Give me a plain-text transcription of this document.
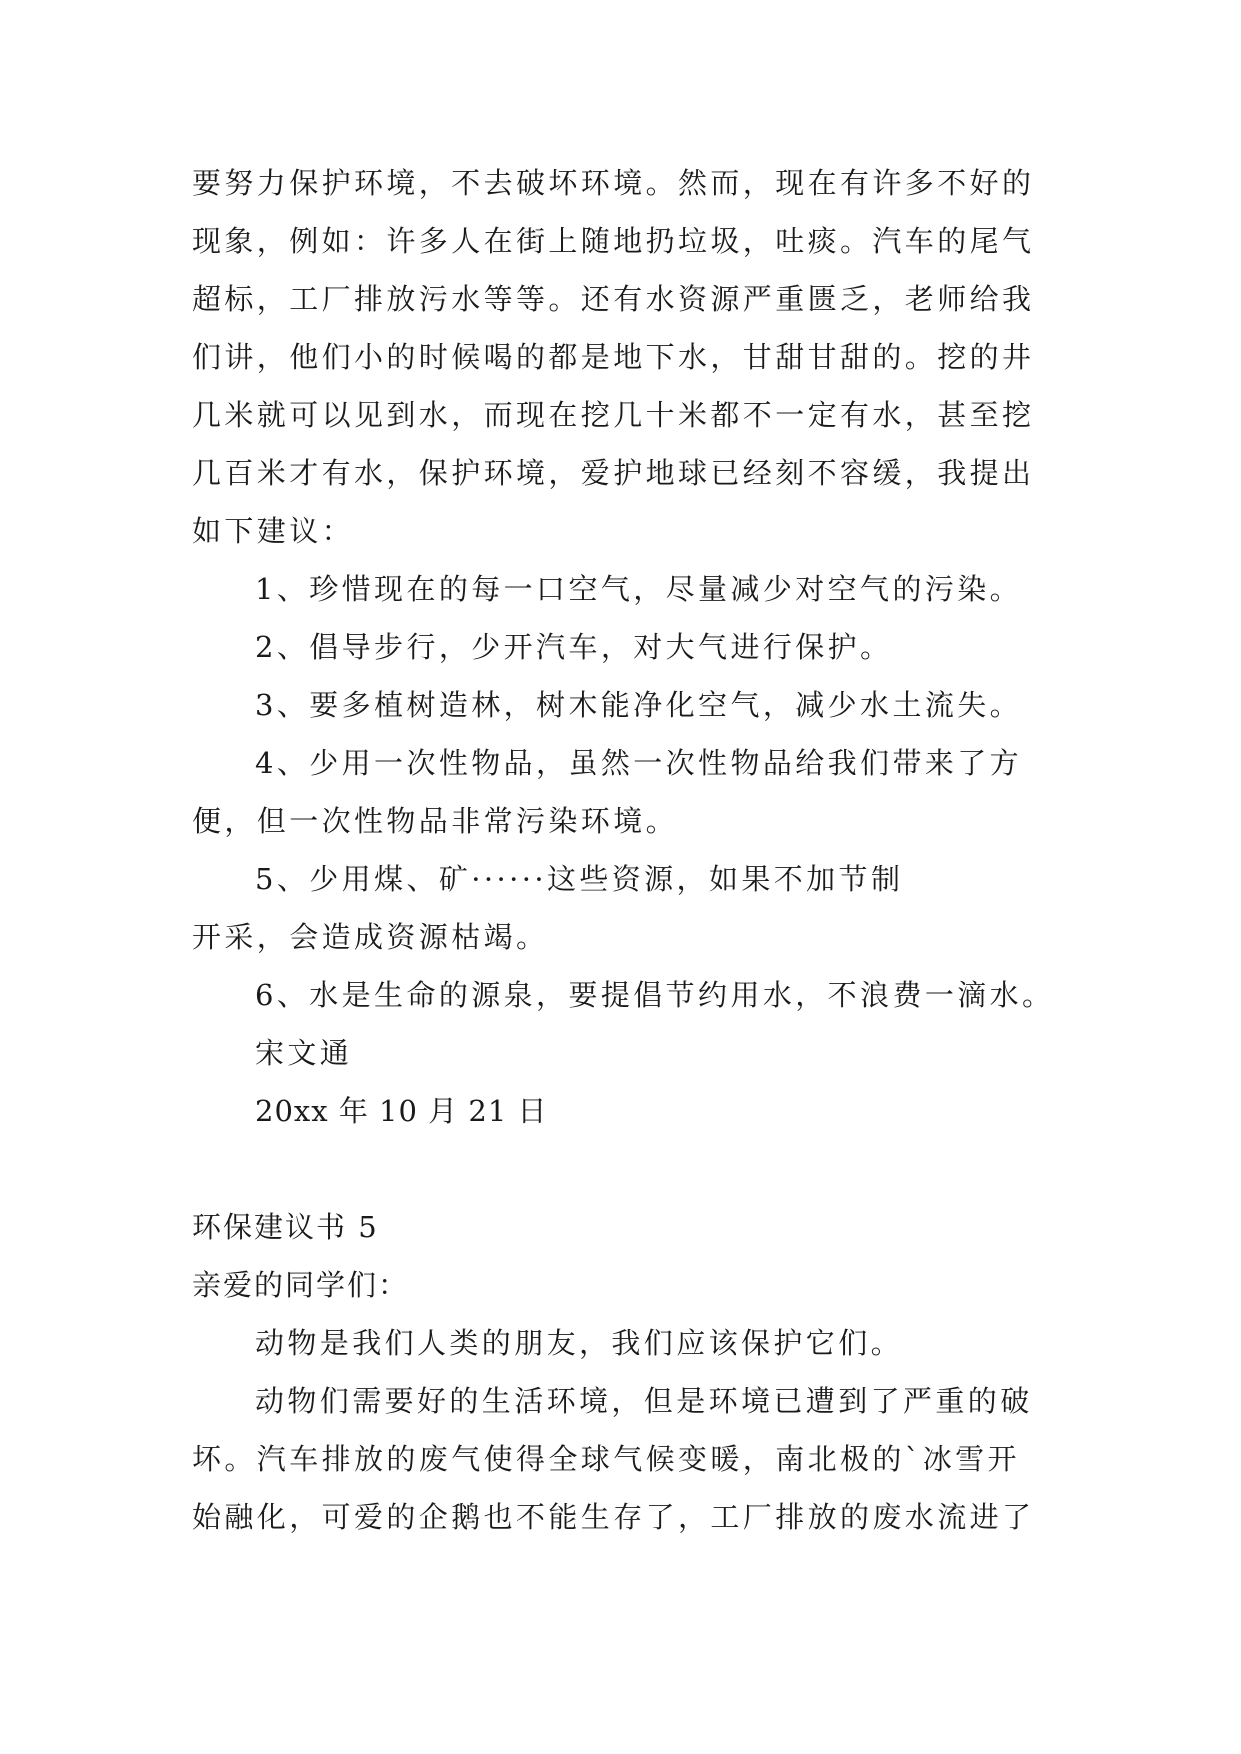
要努力保护环境，不去破坏环境。然而，现在有许多不好的
现象，例如：许多人在街上随地扔垃圾，吐痰。汽车的尾气
超标，工厂排放污水等等。还有水资源严重匮乏，老师给我
们讲，他们小的时候喝的都是地下水，甘甜甘甜的。挖的井
几米就可以见到水，而现在挖几十米都不一定有水，甚至挖
几百米才有水，保护环境，爱护地球已经刻不容缓，我提出
如下建议：
1、珍惜现在的每一口空气，尽量减少对空气的污染。
2、倡导步行，少开汽车，对大气进行保护。
3、要多植树造林，树木能净化空气，减少水土流失。
4、少用一次性物品，虽然一次性物品给我们带来了方
便，但一次性物品非常污染环境。
5、少用煤、矿······这些资源，如果不加节制
开采，会造成资源枯竭。
6、水是生命的源泉，要提倡节约用水，不浪费一滴水。
宋文通
20xx 年 10 月 21 日
环保建议书 5
亲爱的同学们：
动物是我们人类的朋友，我们应该保护它们。
动物们需要好的生活环境，但是环境已遭到了严重的破
坏。汽车排放的废气使得全球气候变暖，南北极的`冰雪开
始融化，可爱的企鹅也不能生存了，工厂排放的废水流进了
